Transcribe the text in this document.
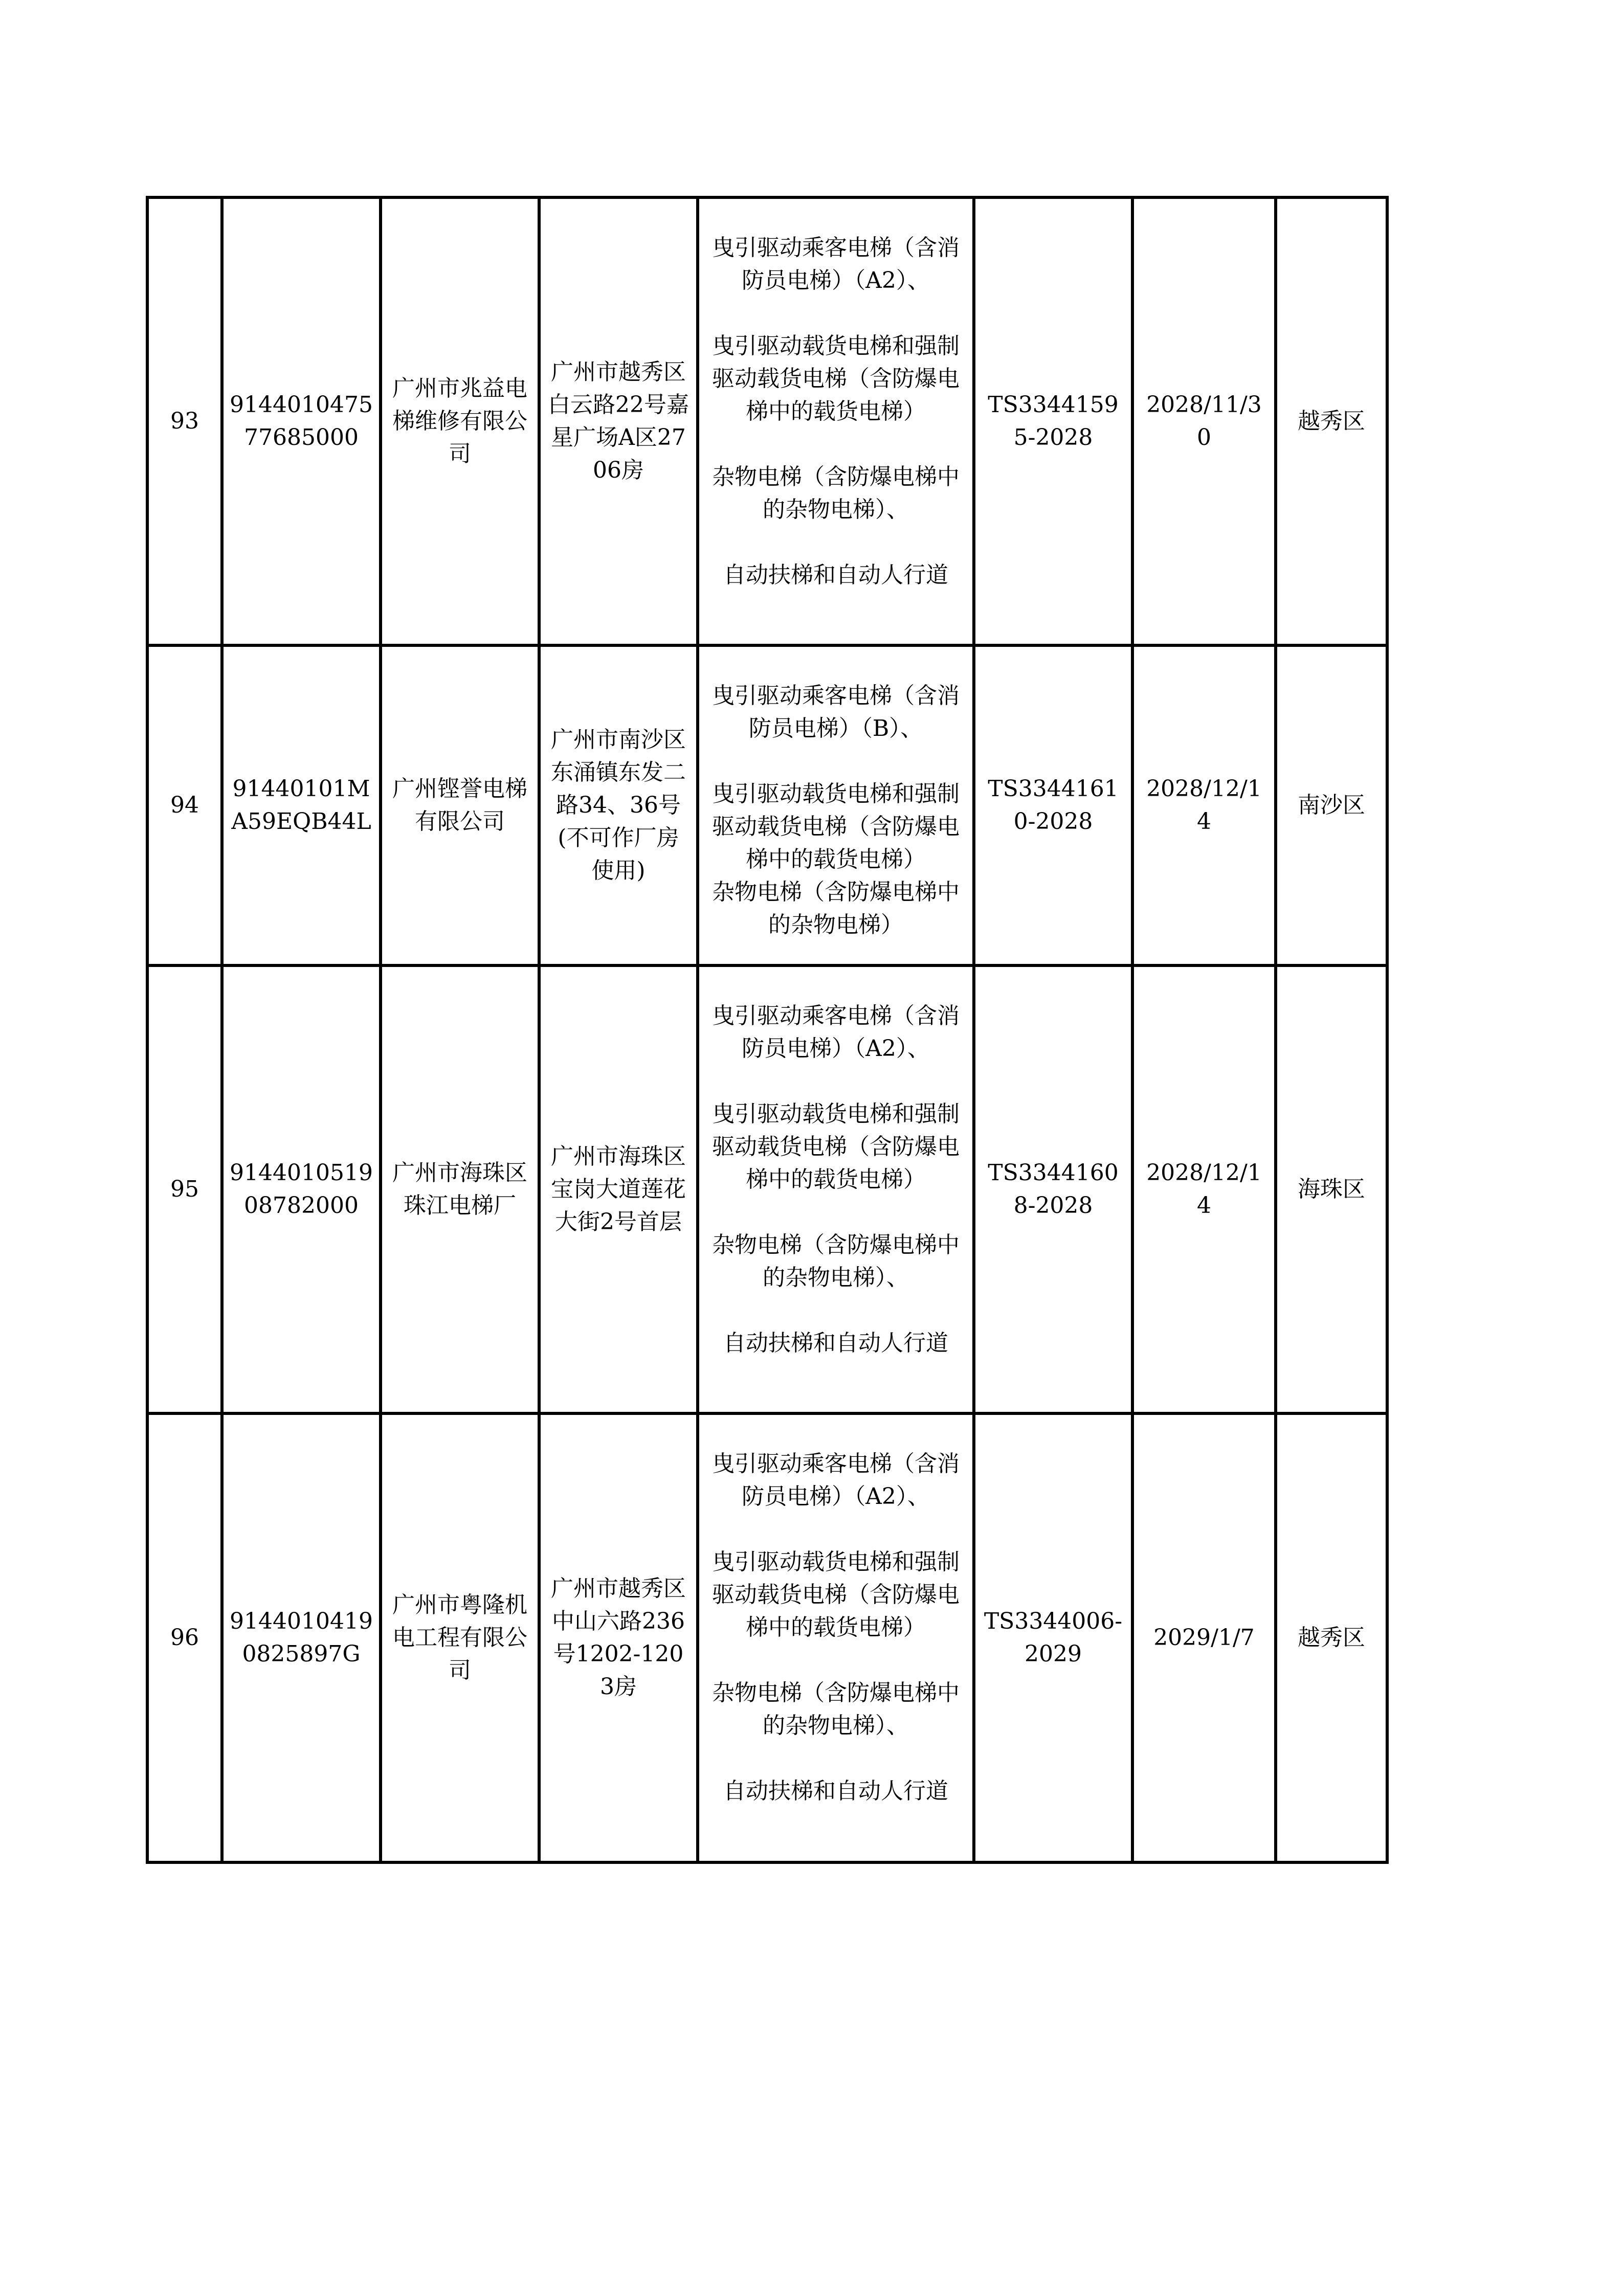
93	914401047577685000	广州市兆益电梯维修有限公司	广州市越秀区白云路22号嘉星广场A区2706房	曳引驱动乘客电梯（含消防员电梯）（A2）、
曳引驱动载货电梯和强制驱动载货电梯（含防爆电梯中的载货电梯）
杂物电梯（含防爆电梯中的杂物电梯）、
自动扶梯和自动人行道	TS33441595-2028	2028/11/30	越秀区
94	91440101MA59EQB44L	广州铿誉电梯有限公司	广州市南沙区东涌镇东发二路34、36号(不可作厂房使用)	曳引驱动乘客电梯（含消防员电梯）（B）、
曳引驱动载货电梯和强制驱动载货电梯（含防爆电梯中的载货电梯）
杂物电梯（含防爆电梯中的杂物电梯）	TS33441610-2028	2028/12/14	南沙区
95	914401051908782000	广州市海珠区珠江电梯厂	广州市海珠区宝岗大道莲花大街2号首层	曳引驱动乘客电梯（含消防员电梯）（A2）、
曳引驱动载货电梯和强制驱动载货电梯（含防爆电梯中的载货电梯）
杂物电梯（含防爆电梯中的杂物电梯）、
自动扶梯和自动人行道	TS33441608-2028	2028/12/14	海珠区
96	91440104190825897G	广州市粤隆机电工程有限公司	广州市越秀区中山六路236号1202-1203房	曳引驱动乘客电梯（含消防员电梯）（A2）、
曳引驱动载货电梯和强制驱动载货电梯（含防爆电梯中的载货电梯）
杂物电梯（含防爆电梯中的杂物电梯）、
自动扶梯和自动人行道	TS3344006-2029	2029/1/7	越秀区
